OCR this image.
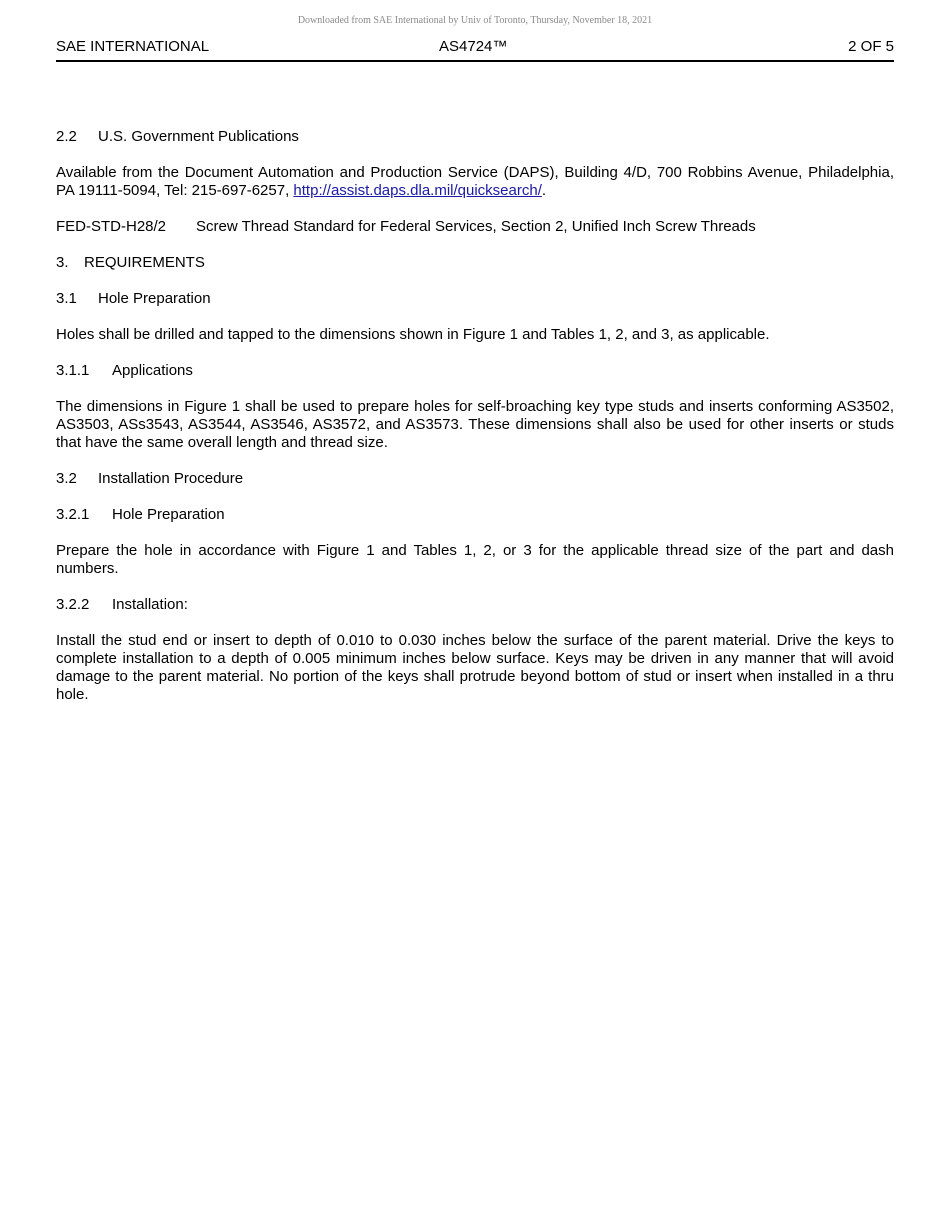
Downloaded from SAE International by Univ of Toronto, Thursday, November 18, 2021
SAE INTERNATIONAL	AS4724™	2 OF 5
2.2 U.S. Government Publications
Available from the Document Automation and Production Service (DAPS), Building 4/D, 700 Robbins Avenue, Philadelphia, PA 19111-5094, Tel: 215-697-6257, http://assist.daps.dla.mil/quicksearch/.
FED-STD-H28/2 Screw Thread Standard for Federal Services, Section 2, Unified Inch Screw Threads
3. REQUIREMENTS
3.1 Hole Preparation
Holes shall be drilled and tapped to the dimensions shown in Figure 1 and Tables 1, 2, and 3, as applicable.
3.1.1 Applications
The dimensions in Figure 1 shall be used to prepare holes for self-broaching key type studs and inserts conforming AS3502, AS3503, ASs3543, AS3544, AS3546, AS3572, and AS3573. These dimensions shall also be used for other inserts or studs that have the same overall length and thread size.
3.2 Installation Procedure
3.2.1 Hole Preparation
Prepare the hole in accordance with Figure 1 and Tables 1, 2, or 3 for the applicable thread size of the part and dash numbers.
3.2.2 Installation:
Install the stud end or insert to depth of 0.010 to 0.030 inches below the surface of the parent material. Drive the keys to complete installation to a depth of 0.005 minimum inches below surface. Keys may be driven in any manner that will avoid damage to the parent material. No portion of the keys shall protrude beyond bottom of stud or insert when installed in a thru hole.
